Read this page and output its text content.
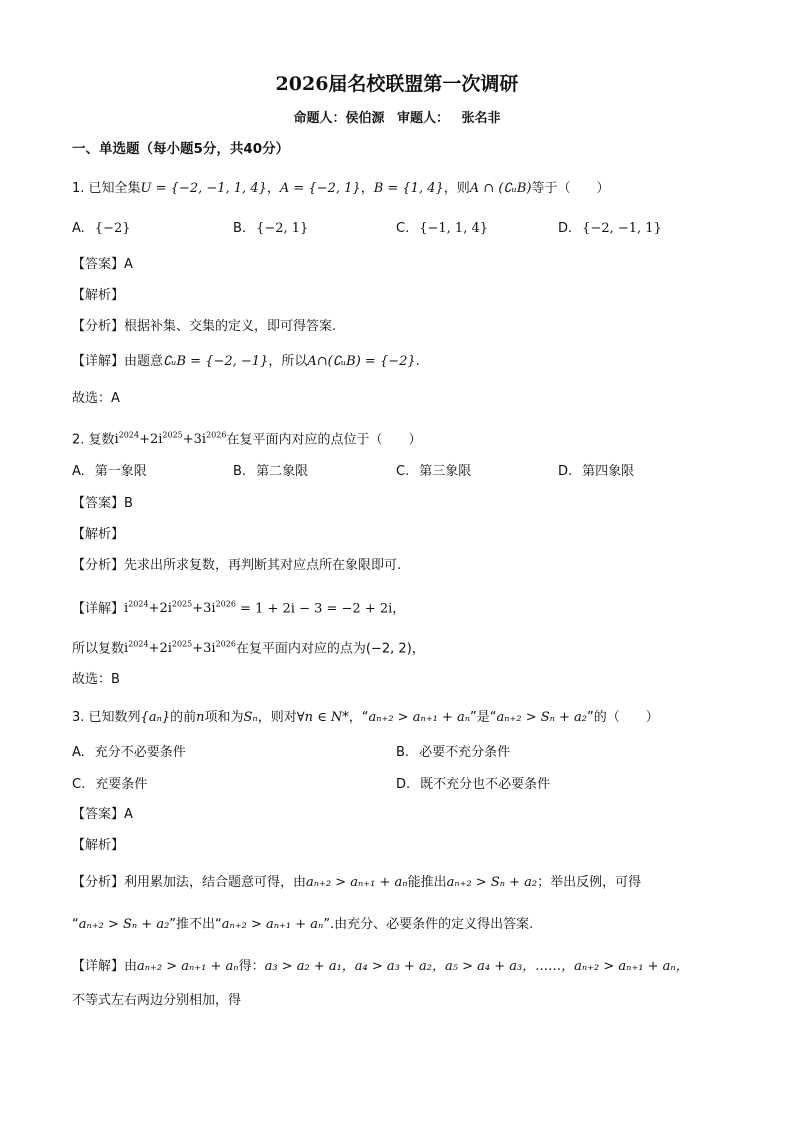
2026届名校联盟第一次调研
命题人：侯伯源 审题人： 张名非
一、单选题（每小题5分，共40分）
1. 已知全集U = {−2, −1, 1, 4}，A = {−2, 1}，B = {1, 4}，则A ∩ (∁ᵤB)等于（　　）
A. {−2}	B. {−2, 1}	C. {−1, 1, 4}	D. {−2, −1, 1}
【答案】A
【解析】
【分析】根据补集、交集的定义，即可得答案.
【详解】由题意∁ᵤB = {−2, −1}，所以A∩(∁ᵤB) = {−2}.
故选：A
2. 复数$i^{2024}+2i^{2025}+3i^{2026}$在复平面内对应的点位于（　　）
A. 第一象限	B. 第二象限	C. 第三象限	D. 第四象限
【答案】B
【解析】
【分析】先求出所求复数，再判断其对应点所在象限即可.
【详解】$i^{2024}+2i^{2025}+3i^{2026} = 1 + 2i - 3 = -2 + 2i$，
所以复数$i^{2024}+2i^{2025}+3i^{2026}$在复平面内对应的点为(−2, 2)，
故选：B
3. 已知数列{aₙ}的前n项和为Sₙ，则对∀n ∈ N*，“aₙ₊₂ > aₙ₊₁ + aₙ”是“aₙ₊₂ > Sₙ + a₂”的（　　）
A. 充分不必要条件	B. 必要不充分条件
C. 充要条件	D. 既不充分也不必要条件
【答案】A
【解析】
【分析】利用累加法，结合题意可得，由aₙ₊₂ > aₙ₊₁ + aₙ能推出aₙ₊₂ > Sₙ + a₂；举出反例，可得
“aₙ₊₂ > Sₙ + a₂”推不出“aₙ₊₂ > aₙ₊₁ + aₙ”.由充分、必要条件的定义得出答案.
【详解】由aₙ₊₂ > aₙ₊₁ + aₙ得：a₃ > a₂ + a₁，a₄ > a₃ + a₂，a₅ > a₄ + a₃，……，aₙ₊₂ > aₙ₊₁ + aₙ，
不等式左右两边分别相加，得
